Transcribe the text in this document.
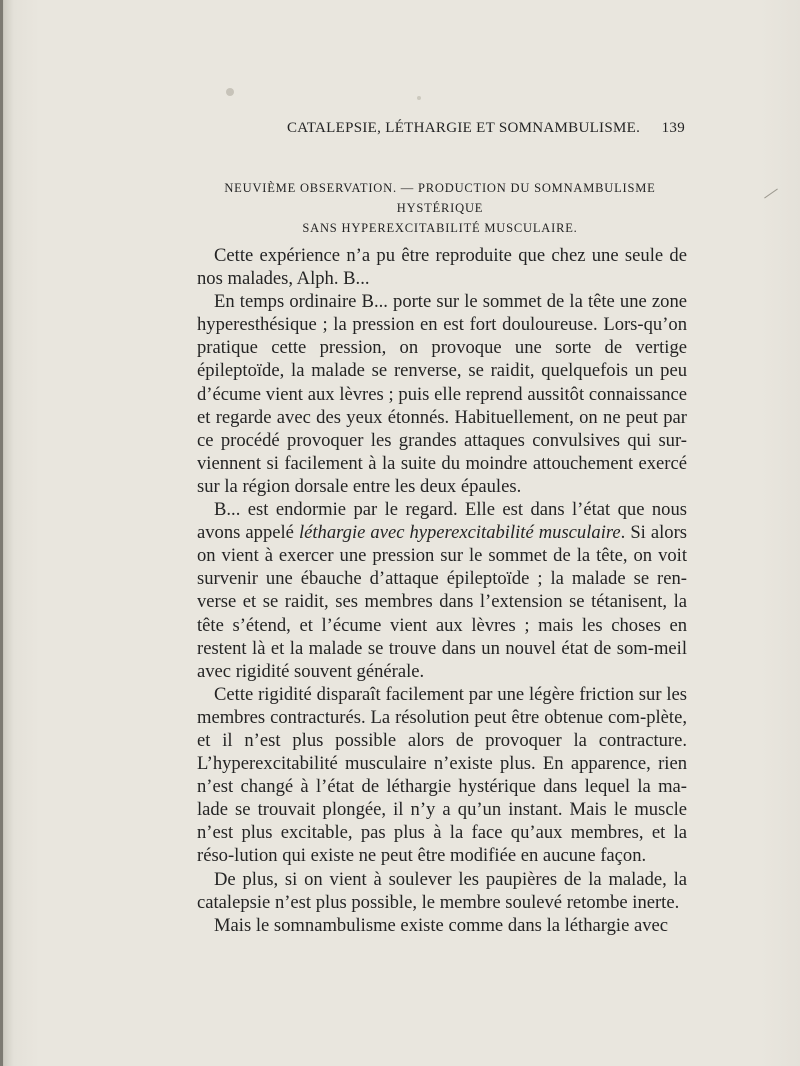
CATALEPSIE, LÉTHARGIE ET SOMNAMBULISME. 139
NEUVIÈME OBSERVATION. — PRODUCTION DU SOMNAMBULISME HYSTÉRIQUE
SANS HYPEREXCITABILITÉ MUSCULAIRE.

Cette expérience n’a pu être reproduite que chez une seule de nos malades, Alph. B...

En temps ordinaire B... porte sur le sommet de la tête une zone hyperesthésique ; la pression en est fort douloureuse. Lors-qu’on pratique cette pression, on provoque une sorte de vertige épileptoïde, la malade se renverse, se raidit, quelquefois un peu d’écume vient aux lèvres ; puis elle reprend aussitôt connaissance et regarde avec des yeux étonnés. Habituellement, on ne peut par ce procédé provoquer les grandes attaques convulsives qui sur-viennent si facilement à la suite du moindre attouchement exercé sur la région dorsale entre les deux épaules.

B... est endormie par le regard. Elle est dans l’état que nous avons appelé léthargie avec hyperexcitabilité musculaire. Si alors on vient à exercer une pression sur le sommet de la tête, on voit survenir une ébauche d’attaque épileptoïde ; la malade se ren-verse et se raidit, ses membres dans l’extension se tétanisent, la tête s’étend, et l’écume vient aux lèvres ; mais les choses en restent là et la malade se trouve dans un nouvel état de som-meil avec rigidité souvent générale.

Cette rigidité disparaît facilement par une légère friction sur les membres contracturés. La résolution peut être obtenue com-plète, et il n’est plus possible alors de provoquer la contracture. L’hyperexcitabilité musculaire n’existe plus. En apparence, rien n’est changé à l’état de léthargie hystérique dans lequel la ma-lade se trouvait plongée, il n’y a qu’un instant. Mais le muscle n’est plus excitable, pas plus à la face qu’aux membres, et la réso-lution qui existe ne peut être modifiée en aucune façon.

De plus, si on vient à soulever les paupières de la malade, la catalepsie n’est plus possible, le membre soulevé retombe inerte.

Mais le somnambulisme existe comme dans la léthargie avec
